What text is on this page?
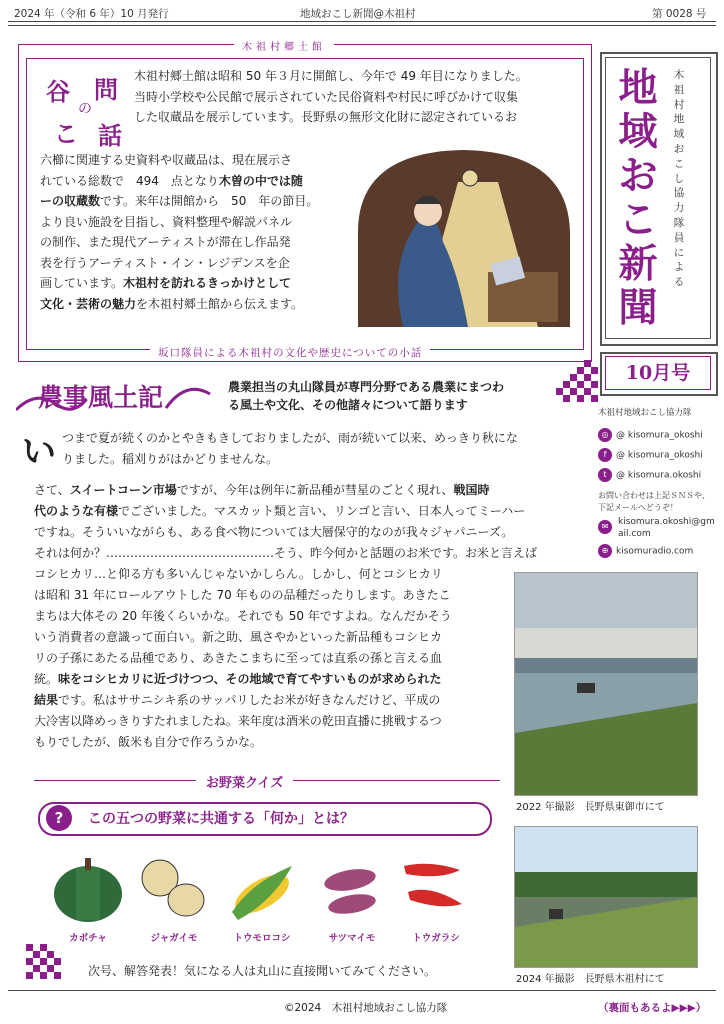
2024 年（令和 6 年）10 月発行	地域おこし新聞@木祖村	第 0028 号
木祖村郷土館
谷 問
の
こ 話
木祖村郷土館は昭和 50 年３月に開館し、今年で 49 年目になりました。
当時小学校や公民館で展示されていた民俗資料や村民に呼びかけて収集
した収蔵品を展示しています。長野県の無形文化財に認定されているお
六櫛に関連する史資料や収蔵品は、現在展示さ
れている総数で　494　点となり木曽の中では随
ーの収蔵数です。来年は開館から　50　年の節目。
より良い施設を目指し、資料整理や解説パネル
の制作、また現代アーティストが滞在し作品発
表を行うアーティスト・イン・レジデンスを企
画しています。木祖村を訪れるきっかけとして
文化・芸術の魅力を木祖村郷土館から伝えます。
坂口隊員による木祖村の文化や歴史についての小話
地域おこ新聞
木祖村地域おこし協力隊員による
10月号
木祖村地域おこし協力隊
◎ @ kisomura_okoshi
f @ kisomura_okoshi
t @ kisomura.okoshi
お問い合わせは上記ＳＮＳや、下記メールへどうぞ！
✉	kisomura.okoshi@gmail.com
⊕ kisomuradio.com
農事風土記	農業担当の丸山隊員が専門分野である農業にまつわ
る風土や文化、その他諸々について語ります
い つまで夏が続くのかとやきもきしておりましたが、雨が続いて以来、めっきり秋にな
りました。稲刈りがはかどりませんな。
さて、スイートコーン市場ですが、今年は例年に新品種が彗星のごとく現れ、戦国時
代のような有様でございました。マスカット類と言い、リンゴと言い、日本人ってミーハー
ですね。そういいながらも、ある食べ物については大層保守的なのが我々ジャパニーズ。
それは何か？……………………………………そう、昨今何かと話題のお米です。お米と言えば
コシヒカリ…と仰る方も多いんじゃないかしらん。しかし、何とコシヒカリ
は昭和 31 年にロールアウトした 70 年ものの品種だったりします。あきたこ
まちは大体その 20 年後くらいかな。それでも 50 年ですよね。なんだかそう
いう消費者の意識って面白い。新之助、風さやかといった新品種もコシヒカ
リの子孫にあたる品種であり、あきたこまちに至っては直系の孫と言える血
統。味をコシヒカリに近づけつつ、その地域で育てやすいものが求められた
結果です。私はササニシキ系のサッパリしたお米が好きなんだけど、平成の
大冷害以降めっきりすたれましたね。来年度は酒米の乾田直播に挑戦するつ
もりでしたが、飯米も自分で作ろうかな。
2022 年撮影　長野県東御市にて
2024 年撮影　長野県木祖村にて
お野菜クイズ
?	この五つの野菜に共通する「何か」とは？
カボチャ	ジャガイモ	トウモロコシ	サツマイモ	トウガラシ
次号、解答発表！気になる人は丸山に直接聞いてみてください。
©2024　木祖村地域おこし協力隊	（裏面もあるよ▶▶▶）
